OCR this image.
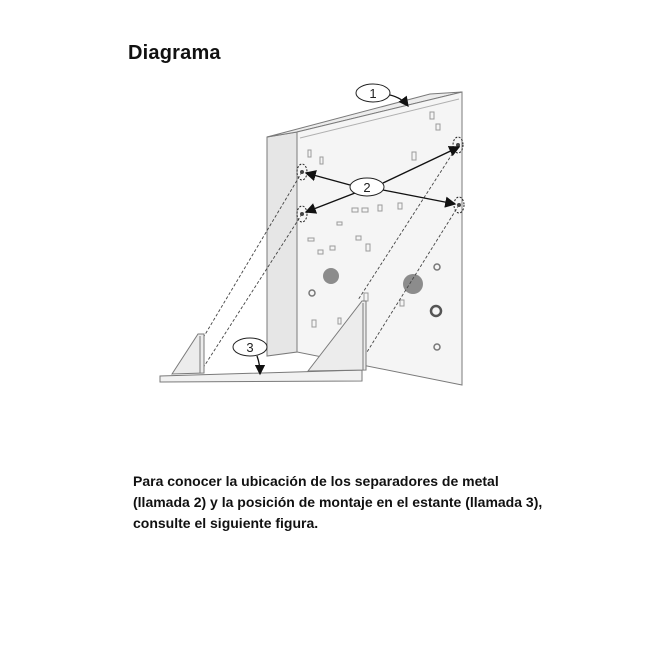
Diagrama
1
2
3
Para conocer la ubicación de los separadores de metal
(llamada 2) y la posición de montaje en el estante (llamada 3),
consulte el siguiente figura.
